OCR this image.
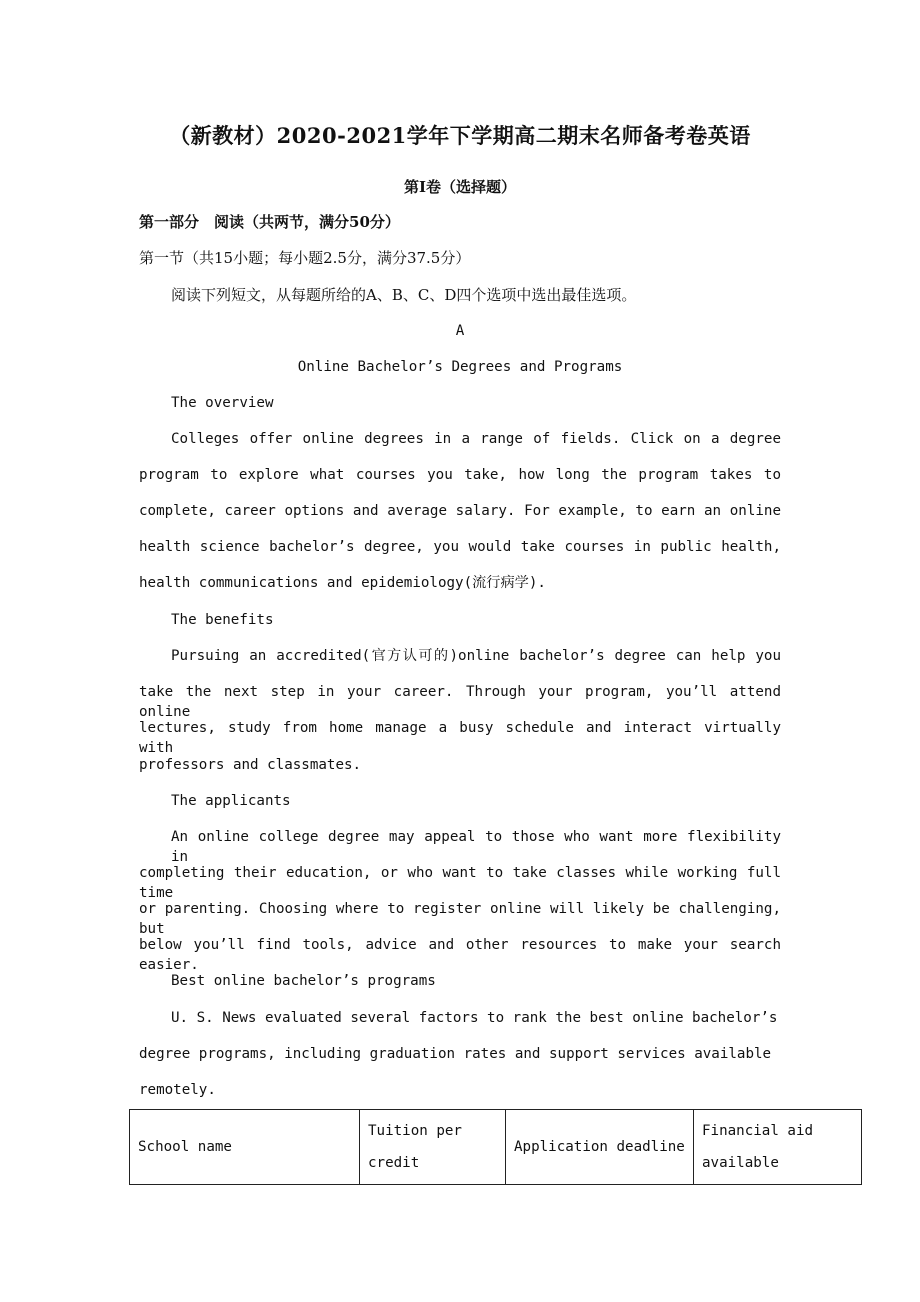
（新教材）2020-2021学年下学期高二期末名师备考卷英语
第Ⅰ卷（选择题）
第一部分　阅读（共两节，满分50分）
第一节（共15小题；每小题2.5分，满分37.5分）
阅读下列短文，从每题所给的A、B、C、D四个选项中选出最佳选项。
A
Online Bachelor’s Degrees and Programs
The overview
Colleges offer online degrees in a range of fields. Click on a degree
program to explore what courses you take, how long the program takes to
complete, career options and average salary. For example, to earn an online
health science bachelor’s degree, you would take courses in public health,
health communications and epidemiology(流行病学).
The benefits
Pursuing an accredited(官方认可的)online bachelor’s degree can help you
take the next step in your career. Through your program, you’ll attend online
lectures, study from home manage a busy schedule and interact virtually with
professors and classmates.
The applicants
An online college degree may appeal to those who want more flexibility in
completing their education, or who want to take classes while working full time
or parenting. Choosing where to register online will likely be challenging, but
below you’ll find tools, advice and other resources to make your search easier.
Best online bachelor’s programs
U. S. News evaluated several factors to rank the best online bachelor’s
degree programs, including graduation rates and support services available
remotely.
School name	Tuition per credit	Application deadline	Financial aid available
